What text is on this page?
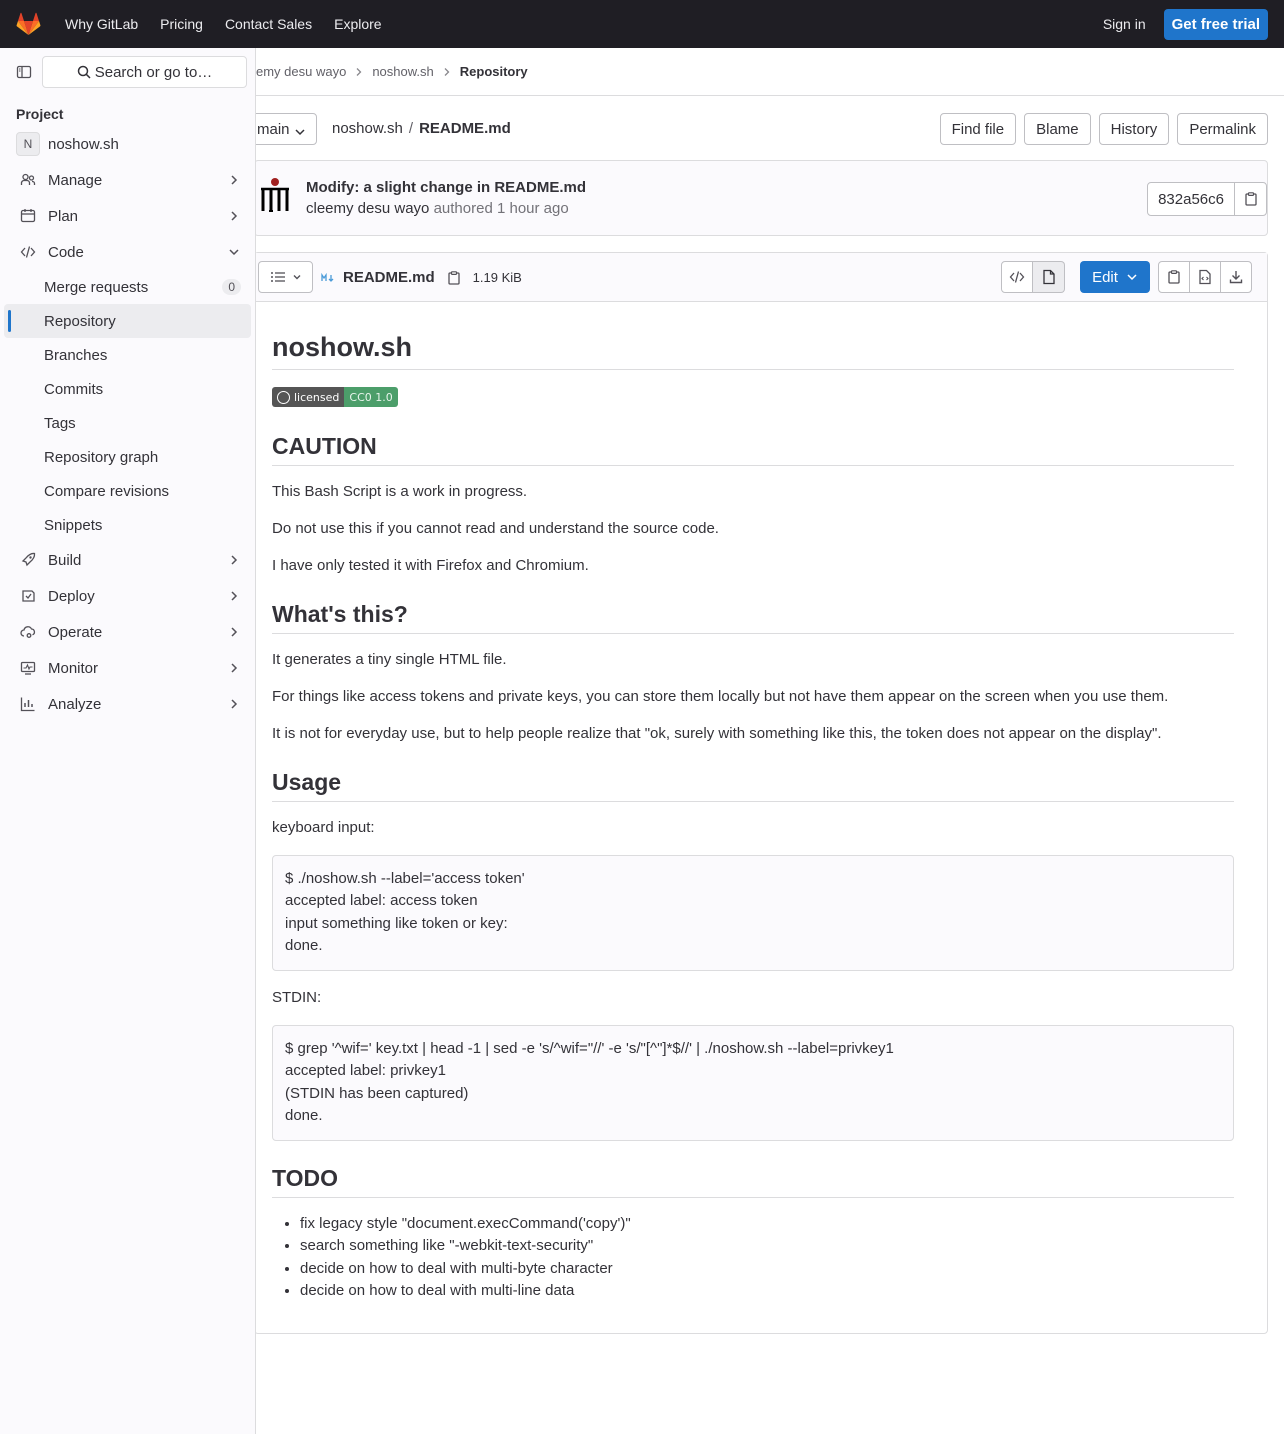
Why GitLab Pricing Contact Sales Explore	Sign in	Get free trial
Search or go to…
Project
N	noshow.sh
Manage
Plan
Code
Merge requests	0
Repository
Branches
Commits
Tags
Repository graph
Compare revisions
Snippets
Build
Deploy
Operate
Monitor
Analyze
emy desu wayo noshow.sh Repository
main	noshow.sh / README.md	Find file	Blame	History	Permalink
Modify: a slight change in README.md
cleemy desu wayo authored 1 hour ago
832a56c6
README.md	1.19 KiB	Edit
noshow.sh
licensed CC0 1.0
CAUTION

This Bash Script is a work in progress.

Do not use this if you cannot read and understand the source code.

I have only tested it with Firefox and Chromium.

What's this?

It generates a tiny single HTML file.

For things like access tokens and private keys, you can store them locally but not have them appear on the screen when you use them.

It is not for everyday use, but to help people realize that "ok, surely with something like this, the token does not appear on the display".

Usage

keyboard input:

$ ./noshow.sh --label='access token'
accepted label: access token
input something like token or key:
done.

STDIN:

$ grep '^wif=' key.txt | head -1 | sed -e 's/^wif="//' -e 's/"[^"]*$//' | ./noshow.sh --label=privkey1
accepted label: privkey1
(STDIN has been captured)
done.
TODO
• fix legacy style "document.execCommand('copy')"
• search something like "-webkit-text-security"
• decide on how to deal with multi-byte character
• decide on how to deal with multi-line data
